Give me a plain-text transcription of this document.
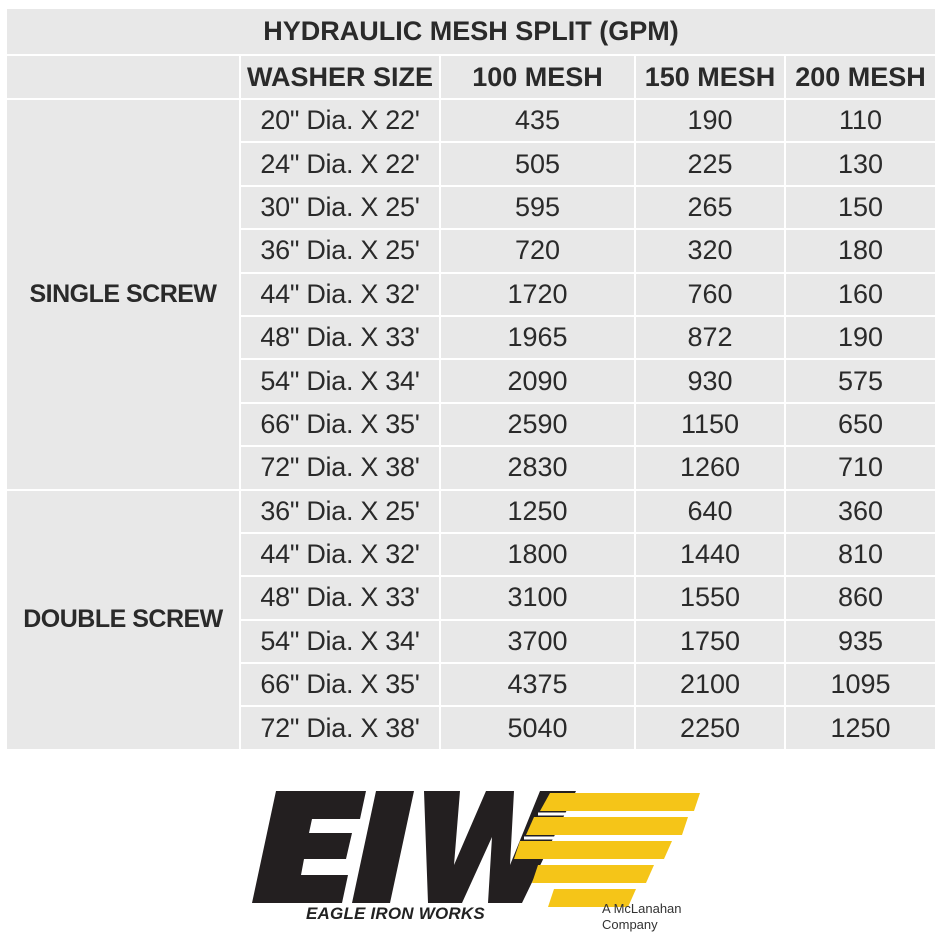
HYDRAULIC MESH SPLIT (GPM)				
	WASHER SIZE	100 MESH	150 MESH	200 MESH
SINGLE SCREW	20" Dia. X 22'	435	190	110
	24" Dia. X 22'	505	225	130
	30" Dia. X 25'	595	265	150
	36" Dia. X 25'	720	320	180
	44" Dia. X 32'	1720	760	160
	48" Dia. X 33'	1965	872	190
	54" Dia. X 34'	2090	930	575
	66" Dia. X 35'	2590	1150	650
	72" Dia. X 38'	2830	1260	710
DOUBLE SCREW	36" Dia. X 25'	1250	640	360
	44" Dia. X 32'	1800	1440	810
	48" Dia. X 33'	3100	1550	860
	54" Dia. X 34'	3700	1750	935
	66" Dia. X 35'	4375	2100	1095
	72" Dia. X 38'	5040	2250	1250
EAGLE IRON WORKS	A McLanahan
Company
